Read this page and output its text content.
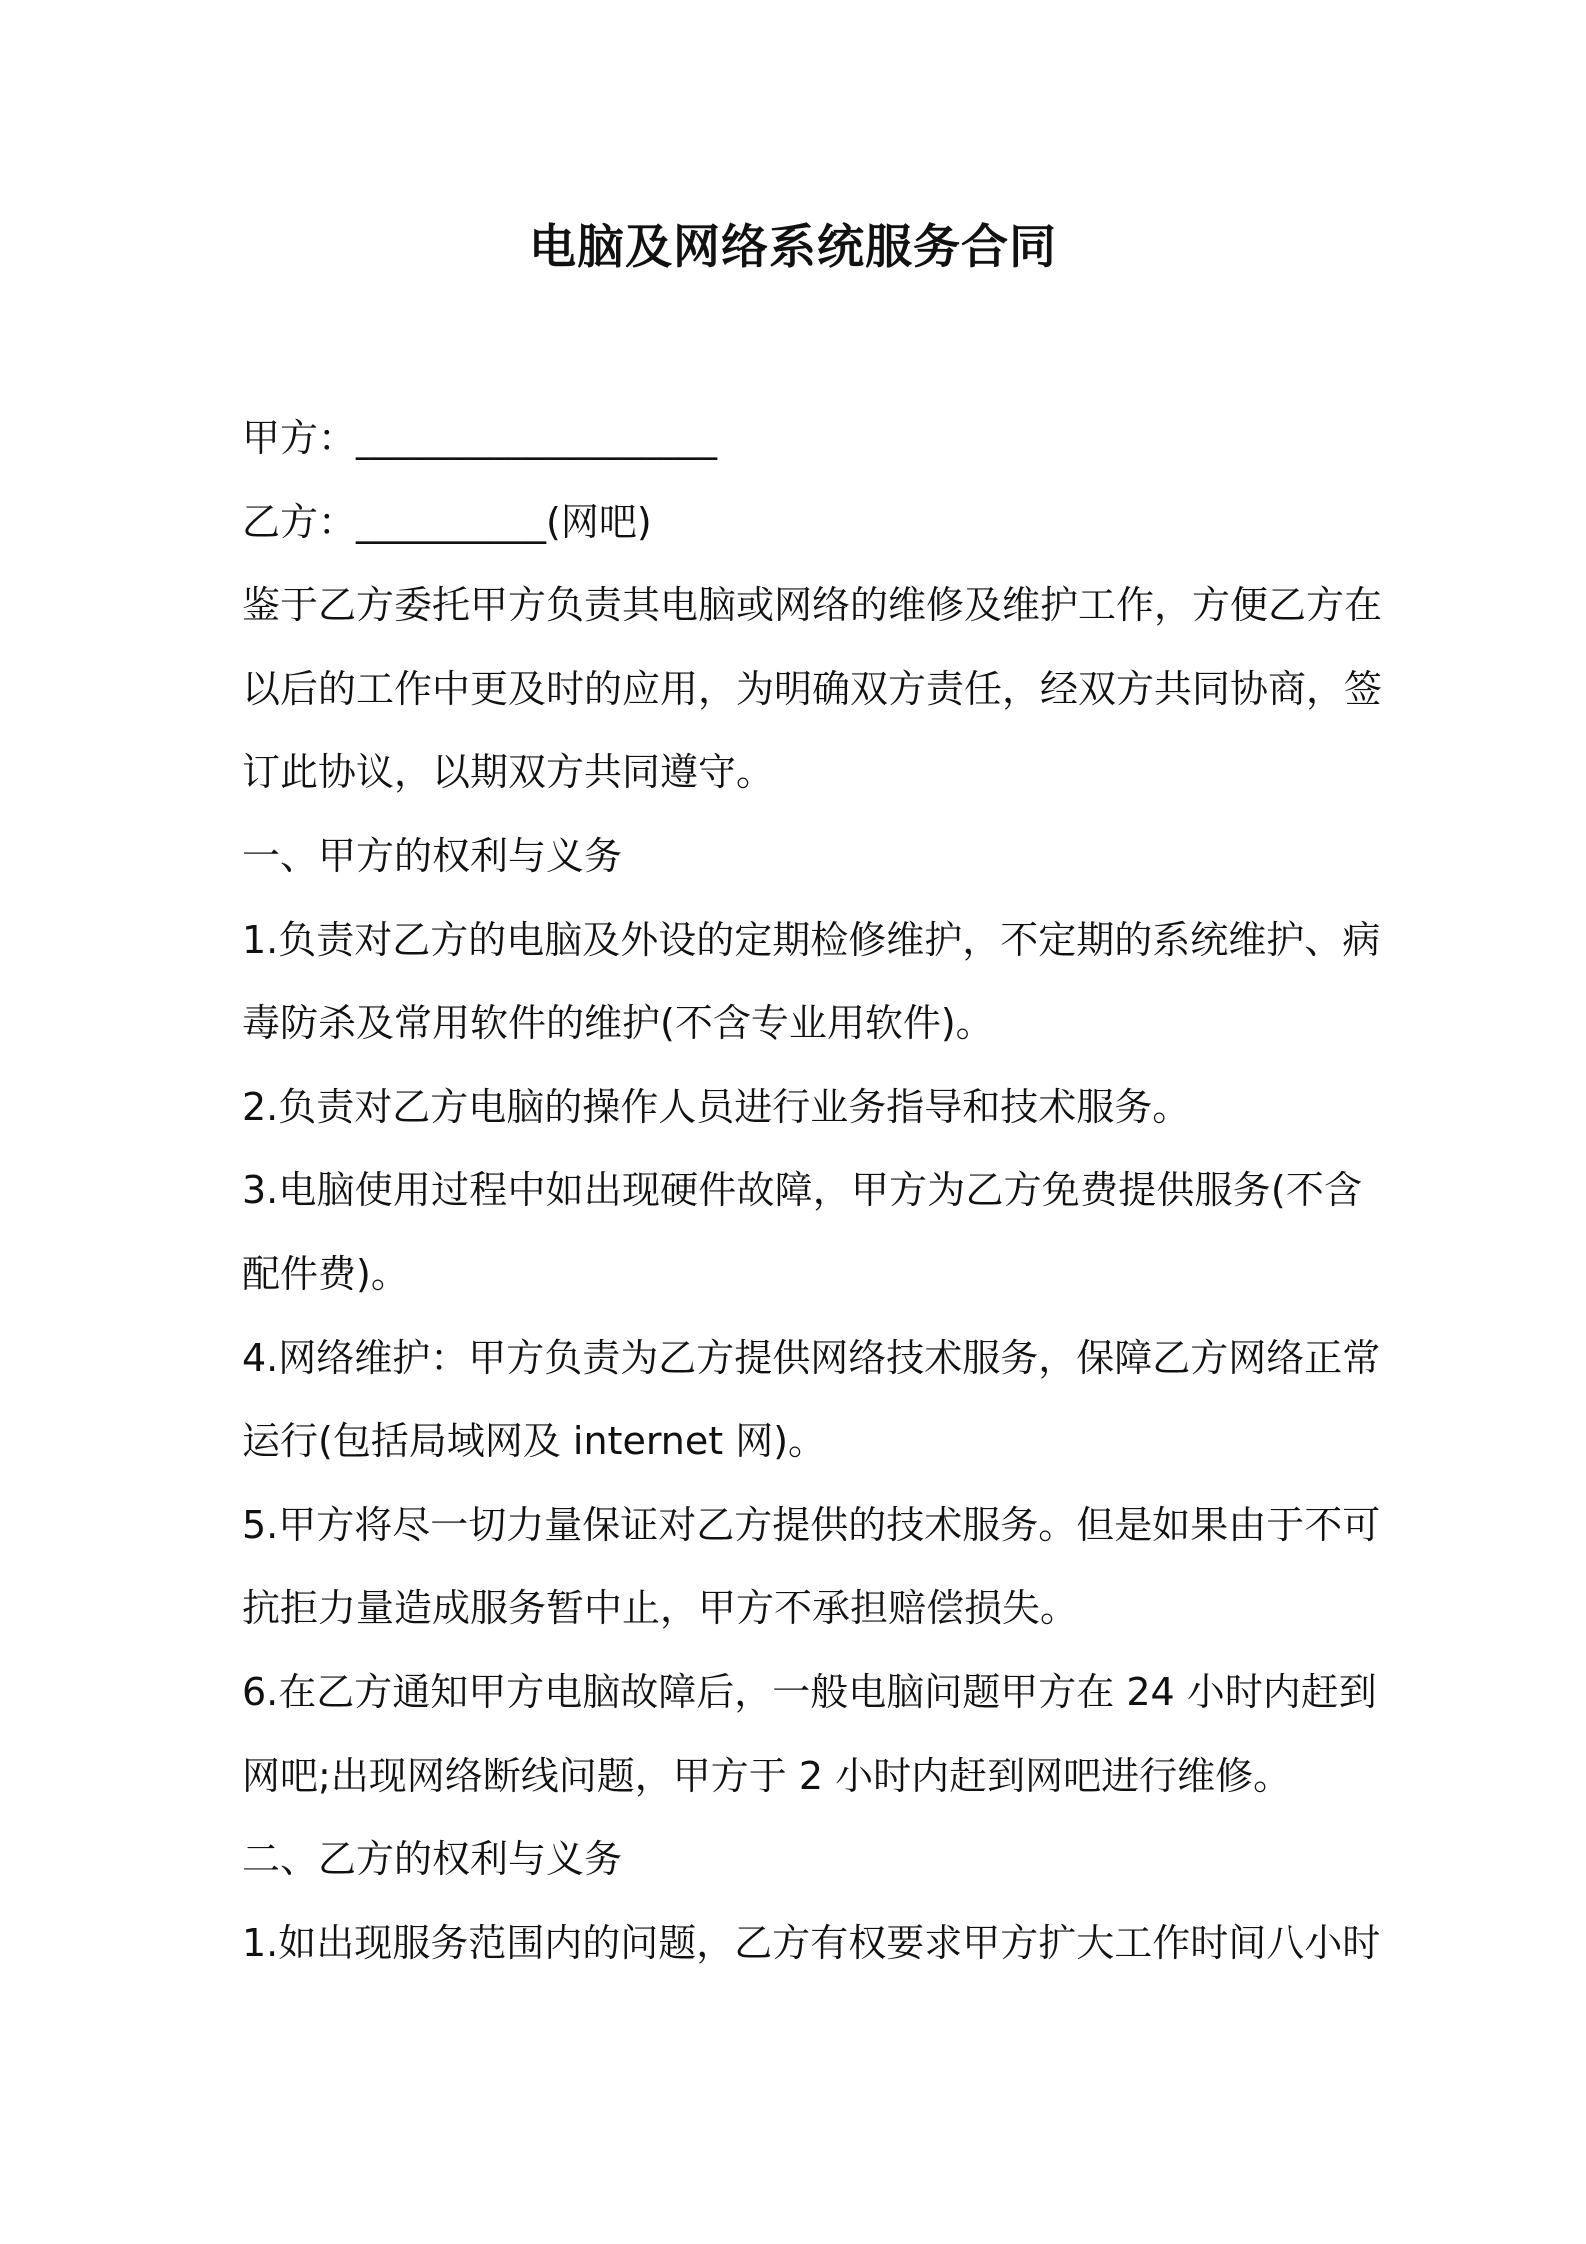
电脑及网络系统服务合同
甲方：___________________
乙方：__________(网吧)
鉴于乙方委托甲方负责其电脑或网络的维修及维护工作，方便乙方在
以后的工作中更及时的应用，为明确双方责任，经双方共同协商，签
订此协议，以期双方共同遵守。
一、甲方的权利与义务
1.负责对乙方的电脑及外设的定期检修维护，不定期的系统维护、病
毒防杀及常用软件的维护(不含专业用软件)。
2.负责对乙方电脑的操作人员进行业务指导和技术服务。
3.电脑使用过程中如出现硬件故障，甲方为乙方免费提供服务(不含
配件费)。
4.网络维护：甲方负责为乙方提供网络技术服务，保障乙方网络正常
运行(包括局域网及 internet 网)。
5.甲方将尽一切力量保证对乙方提供的技术服务。但是如果由于不可
抗拒力量造成服务暂中止，甲方不承担赔偿损失。
6.在乙方通知甲方电脑故障后，一般电脑问题甲方在 24 小时内赶到
网吧;出现网络断线问题，甲方于 2 小时内赶到网吧进行维修。
二、乙方的权利与义务
1.如出现服务范围内的问题，乙方有权要求甲方扩大工作时间八小时
